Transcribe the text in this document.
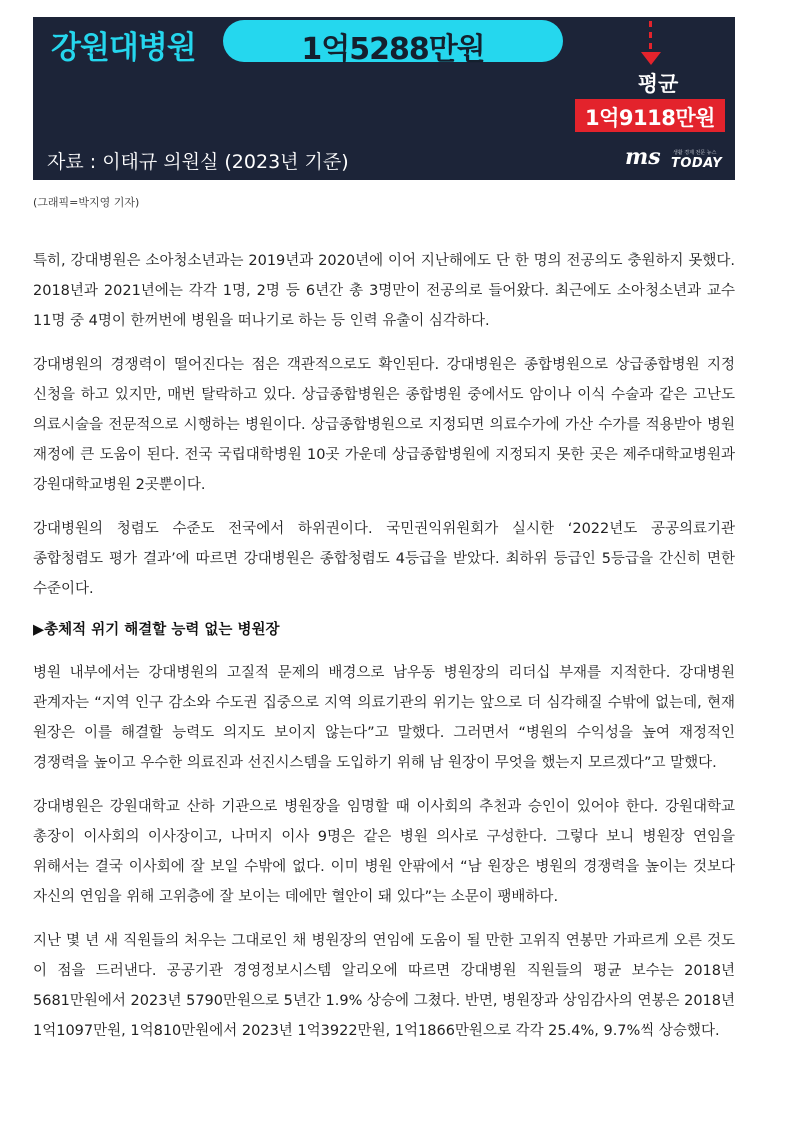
강원대병원	1억5288만원
평균
1억9118만원
자료 : 이태규 의원실 (2023년 기준)	ms 생활 경제 전문 뉴스
TODAY
(그래픽=박지영 기자)

특히, 강대병원은 소아청소년과는 2019년과 2020년에 이어 지난해에도 단 한 명의 전공의도 충원하지 못했다. 2018년과 2021년에는 각각 1명, 2명 등 6년간 총 3명만이 전공의로 들어왔다. 최근에도 소아청소년과 교수 11명 중 4명이 한꺼번에 병원을 떠나기로 하는 등 인력 유출이 심각하다.

강대병원의 경쟁력이 떨어진다는 점은 객관적으로도 확인된다. 강대병원은 종합병원으로 상급종합병원 지정 신청을 하고 있지만, 매번 탈락하고 있다. 상급종합병원은 종합병원 중에서도 암이나 이식 수술과 같은 고난도 의료시술을 전문적으로 시행하는 병원이다. 상급종합병원으로 지정되면 의료수가에 가산 수가를 적용받아 병원 재정에 큰 도움이 된다. 전국 국립대학병원 10곳 가운데 상급종합병원에 지정되지 못한 곳은 제주대학교병원과 강원대학교병원 2곳뿐이다.

강대병원의 청렴도 수준도 전국에서 하위권이다. 국민권익위원회가 실시한 ‘2022년도 공공의료기관 종합청렴도 평가 결과’에 따르면 강대병원은 종합청렴도 4등급을 받았다. 최하위 등급인 5등급을 간신히 면한 수준이다.

▶총체적 위기 해결할 능력 없는 병원장

병원 내부에서는 강대병원의 고질적 문제의 배경으로 남우동 병원장의 리더십 부재를 지적한다. 강대병원 관계자는 “지역 인구 감소와 수도권 집중으로 지역 의료기관의 위기는 앞으로 더 심각해질 수밖에 없는데, 현재 원장은 이를 해결할 능력도 의지도 보이지 않는다”고 말했다. 그러면서 “병원의 수익성을 높여 재정적인 경쟁력을 높이고 우수한 의료진과 선진시스템을 도입하기 위해 남 원장이 무엇을 했는지 모르겠다”고 말했다.

강대병원은 강원대학교 산하 기관으로 병원장을 임명할 때 이사회의 추천과 승인이 있어야 한다. 강원대학교 총장이 이사회의 이사장이고, 나머지 이사 9명은 같은 병원 의사로 구성한다. 그렇다 보니 병원장 연임을 위해서는 결국 이사회에 잘 보일 수밖에 없다. 이미 병원 안팎에서 “남 원장은 병원의 경쟁력을 높이는 것보다 자신의 연임을 위해 고위층에 잘 보이는 데에만 혈안이 돼 있다”는 소문이 팽배하다.

지난 몇 년 새 직원들의 처우는 그대로인 채 병원장의 연임에 도움이 될 만한 고위직 연봉만 가파르게 오른 것도 이 점을 드러낸다. 공공기관 경영정보시스템 알리오에 따르면 강대병원 직원들의 평균 보수는 2018년 5681만원에서 2023년 5790만원으로 5년간 1.9% 상승에 그쳤다. 반면, 병원장과 상임감사의 연봉은 2018년 1억1097만원, 1억810만원에서 2023년 1억3922만원, 1억1866만원으로 각각 25.4%, 9.7%씩 상승했다.
